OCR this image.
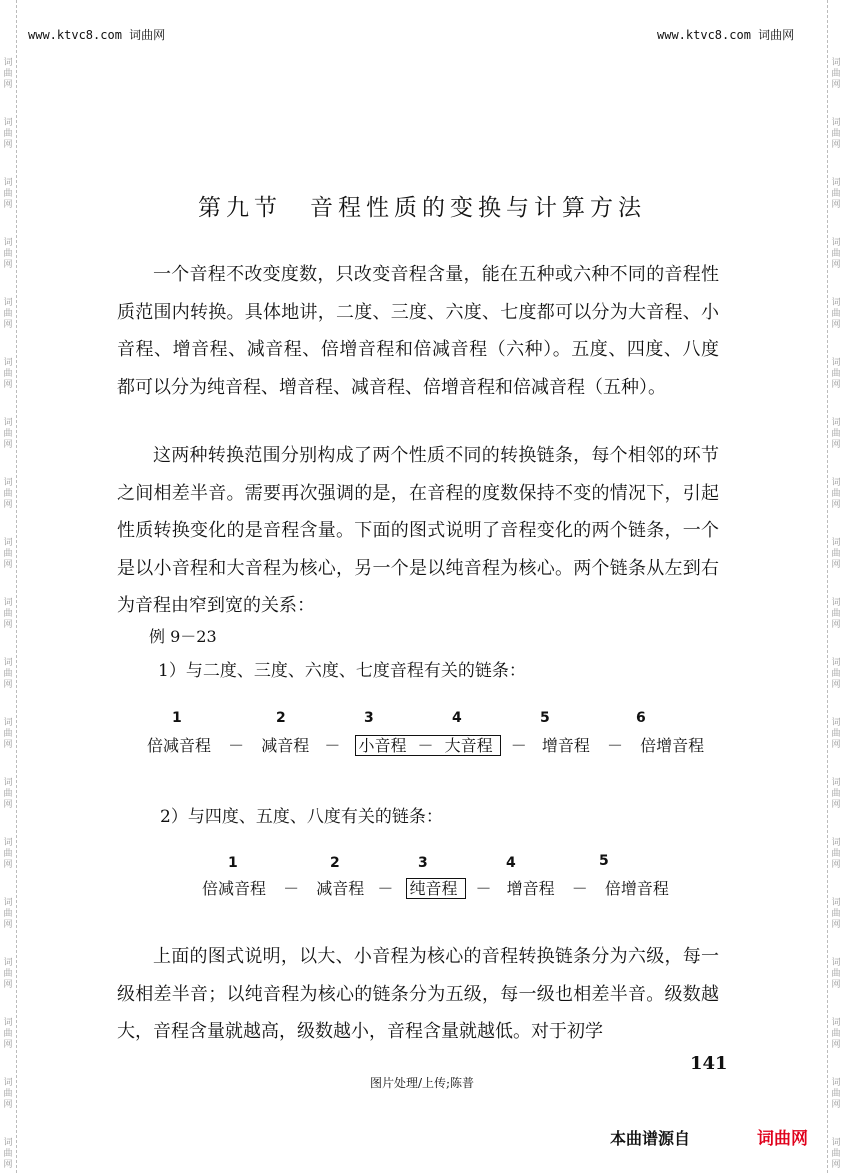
词
曲
网
词
曲
网
词
曲
网
词
曲
网
词
曲
网
词
曲
网
词
曲
网
词
曲
网
词
曲
网
词
曲
网
词
曲
网
词
曲
网
词
曲
网
词
曲
网
词
曲
网
词
曲
网
词
曲
网
词
曲
网
词
曲
网
词
曲
网
词
曲
网
词
曲
网
词
曲
网
词
曲
网
词
曲
网
词
曲
网
词
曲
网
词
曲
网
词
曲
网
词
曲
网
词
曲
网
词
曲
网
词
曲
网
词
曲
网
词
曲
网
词
曲
网
词
曲
网
词
曲
网
www.ktvc8.com 词曲网	www.ktvc8.com 词曲网
第九节　音程性质的变换与计算方法
一个音程不改变度数，只改变音程含量，能在五种或六种不同的音程性质范围内转换。具体地讲，二度、三度、六度、七度都可以分为大音程、小音程、增音程、减音程、倍增音程和倍减音程（六种）。五度、四度、八度都可以分为纯音程、增音程、减音程、倍增音程和倍减音程（五种）。
这两种转换范围分别构成了两个性质不同的转换链条，每个相邻的环节之间相差半音。需要再次强调的是，在音程的度数保持不变的情况下，引起性质转换变化的是音程含量。下面的图式说明了音程变化的两个链条，一个是以小音程和大音程为核心，另一个是以纯音程为核心。两个链条从左到右为音程由窄到宽的关系：
例 9－23
1）与二度、三度、六度、七度音程有关的链条：
1	2	3	4	5	6
倍减音程 － 减音程 － 小音程 － 大音程 － 增音程 － 倍增音程
2）与四度、五度、八度有关的链条：
1	2	3	4	5
倍减音程 － 减音程 － 纯音程 － 增音程 － 倍增音程
上面的图式说明，以大、小音程为核心的音程转换链条分为六级，每一级相差半音；以纯音程为核心的链条分为五级，每一级也相差半音。级数越大，音程含量就越高，级数越小，音程含量就越低。对于初学
141
图片处理/上传;陈普
本曲谱源自	词曲网
